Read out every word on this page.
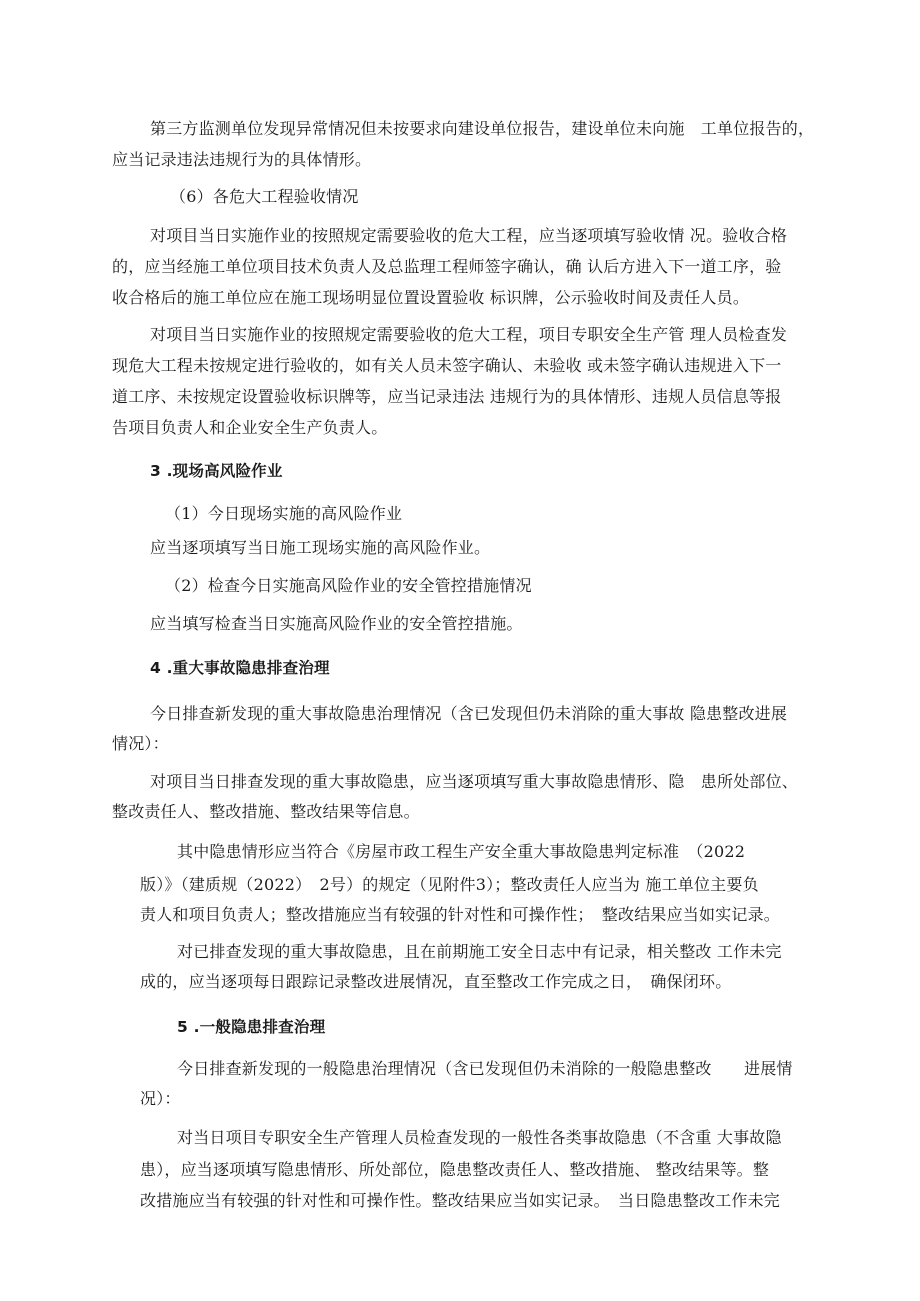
第三方监测单位发现异常情况但未按要求向建设单位报告，建设单位未向施　工单位报告的，
应当记录违法违规行为的具体情形。
（6）各危大工程验收情况
对项目当日实施作业的按照规定需要验收的危大工程，应当逐项填写验收情 况。验收合格
的，应当经施工单位项目技术负责人及总监理工程师签字确认，确 认后方进入下一道工序，验
收合格后的施工单位应在施工现场明显位置设置验收 标识牌，公示验收时间及责任人员。
对项目当日实施作业的按照规定需要验收的危大工程，项目专职安全生产管 理人员检查发
现危大工程未按规定进行验收的，如有关人员未签字确认、未验收 或未签字确认违规进入下一
道工序、未按规定设置验收标识牌等，应当记录违法 违规行为的具体情形、违规人员信息等报
告项目负责人和企业安全生产负责人。
3 .现场高风险作业
（1）今日现场实施的高风险作业
应当逐项填写当日施工现场实施的高风险作业。
（2）检查今日实施高风险作业的安全管控措施情况
应当填写检查当日实施高风险作业的安全管控措施。
4 .重大事故隐患排查治理
今日排查新发现的重大事故隐患治理情况（含已发现但仍未消除的重大事故 隐患整改进展
情况）：
对项目当日排查发现的重大事故隐患，应当逐项填写重大事故隐患情形、隐　患所处部位、
整改责任人、整改措施、整改结果等信息。
其中隐患情形应当符合《房屋市政工程生产安全重大事故隐患判定标准　（2022
版）》（建质规（2022）　2号）的规定（见附件3）；整改责任人应当为 施工单位主要负
责人和项目负责人；整改措施应当有较强的针对性和可操作性；　整改结果应当如实记录。
对已排查发现的重大事故隐患，且在前期施工安全日志中有记录，相关整改 工作未完
成的，应当逐项每日跟踪记录整改进展情况，直至整改工作完成之日，　确保闭环。
5 .一般隐患排查治理
今日排查新发现的一般隐患治理情况（含已发现但仍未消除的一般隐患整改　　进展情
况）：
对当日项目专职安全生产管理人员检查发现的一般性各类事故隐患（不含重 大事故隐
患），应当逐项填写隐患情形、所处部位，隐患整改责任人、整改措施、 整改结果等。整
改措施应当有较强的针对性和可操作性。整改结果应当如实记录。　当日隐患整改工作未完
